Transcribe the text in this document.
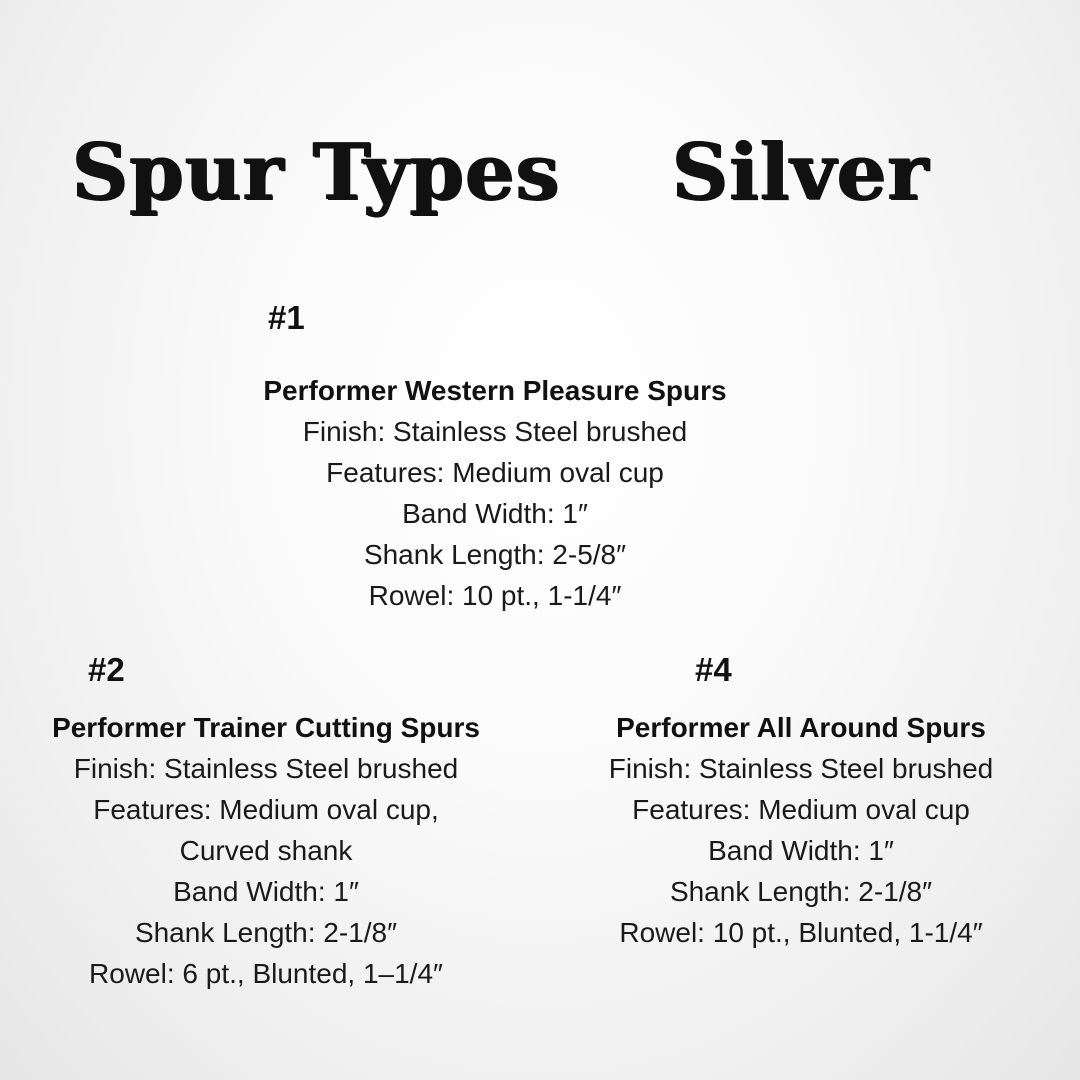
Spur Types Silver
#1
Performer Western Pleasure Spurs
Finish: Stainless Steel brushed
Features: Medium oval cup
Band Width: 1″
Shank Length: 2-5/8″
Rowel: 10 pt., 1-1/4″
#2
Performer Trainer Cutting Spurs
Finish: Stainless Steel brushed
Features: Medium oval cup,
Curved shank
Band Width: 1″
Shank Length: 2-1/8″
Rowel: 6 pt., Blunted, 1–1/4″
#4
Performer All Around Spurs
Finish: Stainless Steel brushed
Features: Medium oval cup
Band Width: 1″
Shank Length: 2-1/8″
Rowel: 10 pt., Blunted, 1-1/4″
